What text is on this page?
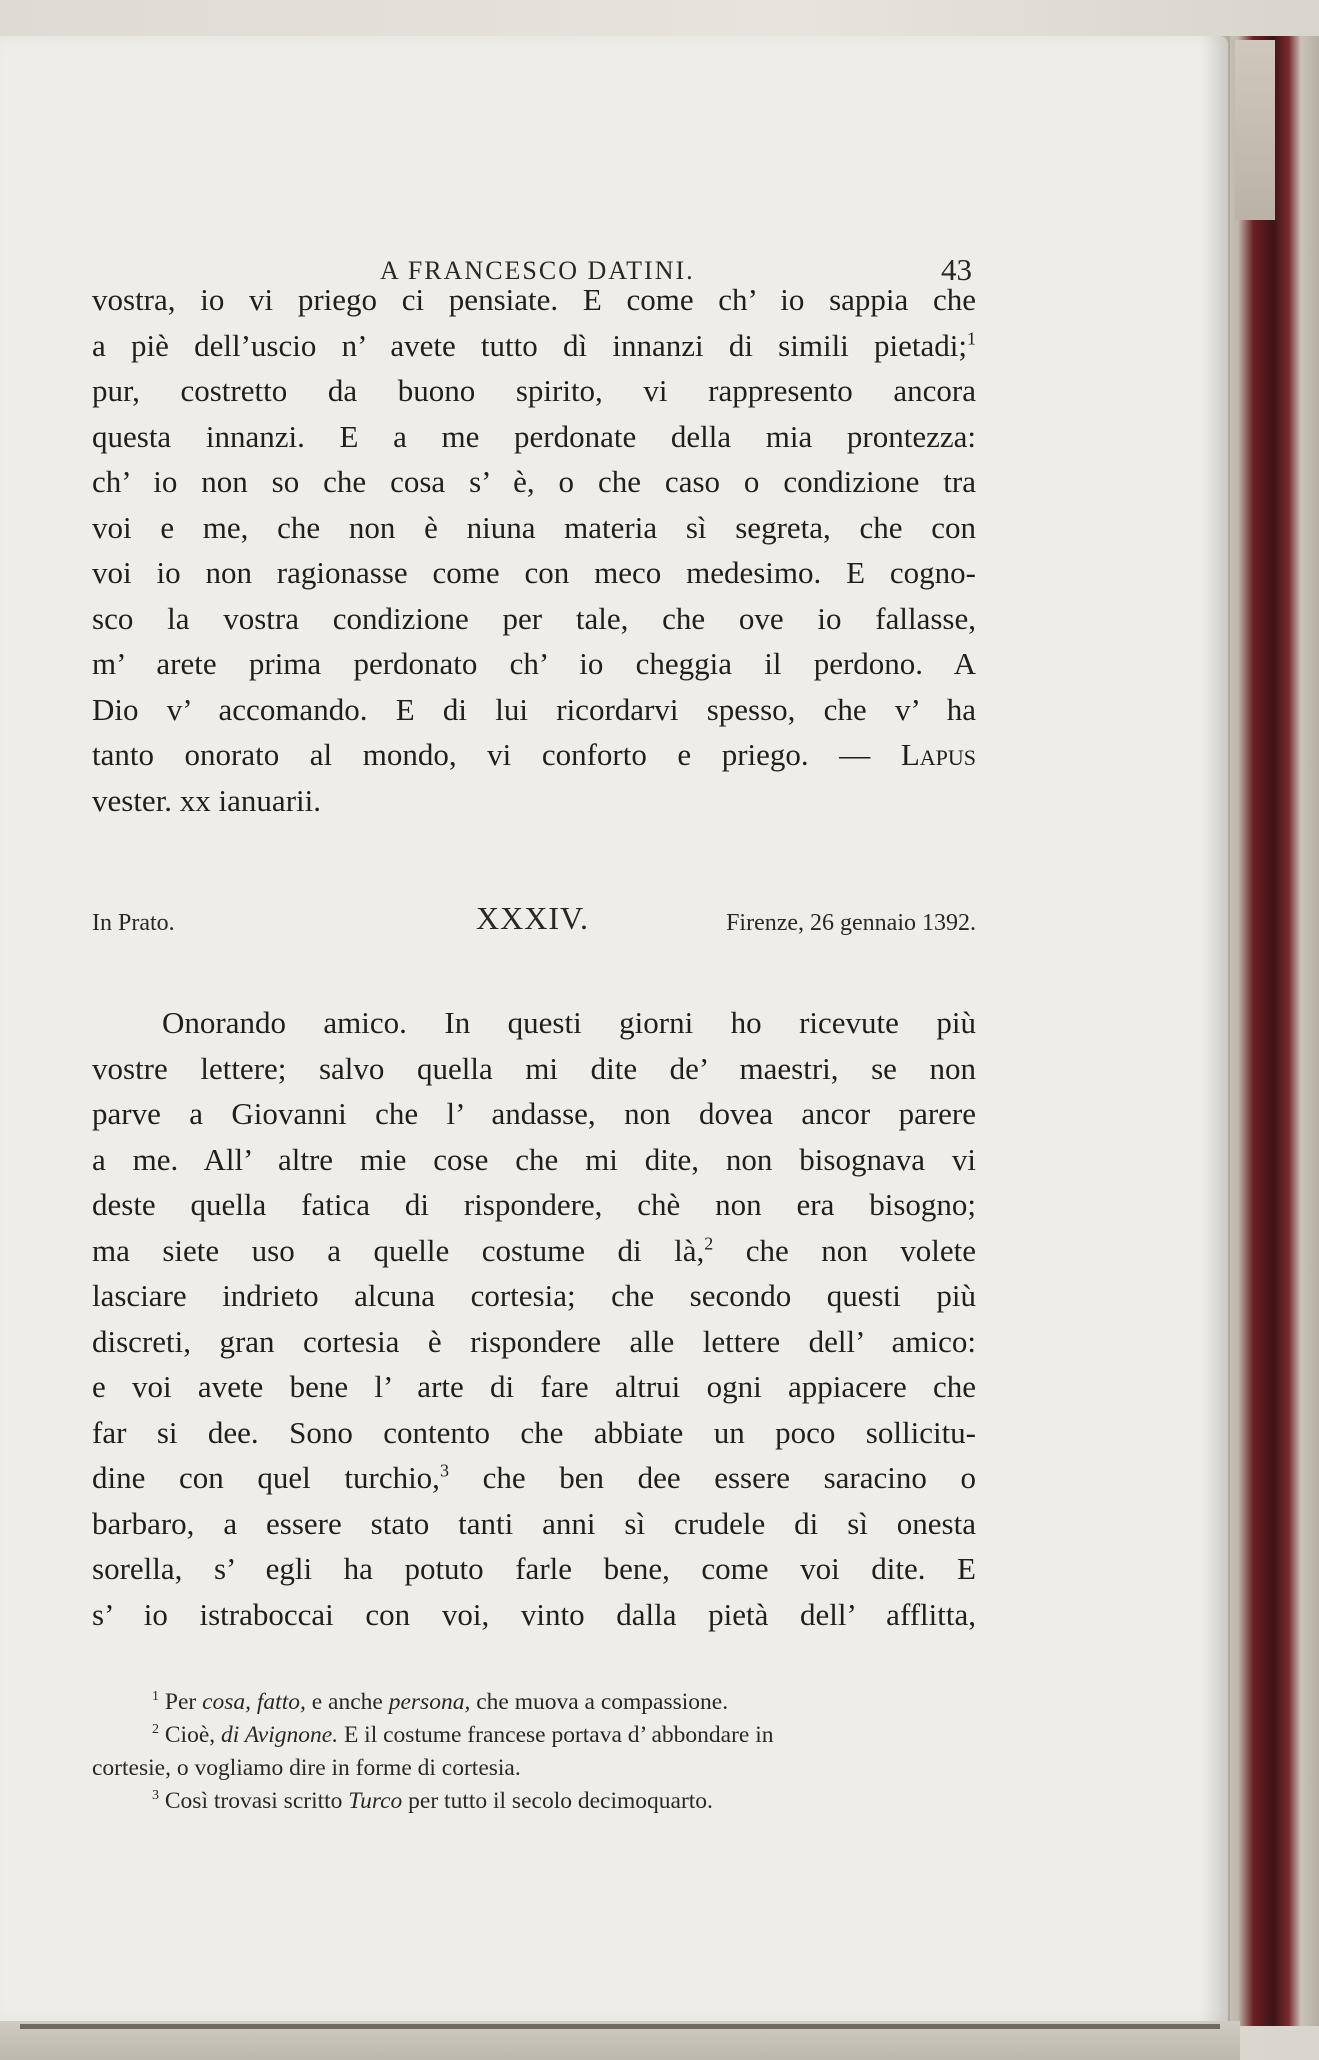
A FRANCESCO DATINI.	43
vostra, io vi priego ci pensiate. E come ch’ io sappia che
a piè dell’uscio n’ avete tutto dì innanzi di simili pietadi;$^1$
pur, costretto da buono spirito, vi rappresento ancora
questa innanzi. E a me perdonate della mia prontezza:
ch’ io non so che cosa s’ è, o che caso o condizione tra
voi e me, che non è niuna materia sì segreta, che con
voi io non ragionasse come con meco medesimo. E cogno-
sco la vostra condizione per tale, che ove io fallasse,
m’ arete prima perdonato ch’ io cheggia il perdono. A
Dio v’ accomando. E di lui ricordarvi spesso, che v’ ha
tanto onorato al mondo, vi conforto e priego. — Lapus
vester. xx ianuarii.
In Prato.	XXXIV.	Firenze, 26 gennaio 1392.
Onorando amico. In questi giorni ho ricevute più
vostre lettere; salvo quella mi dite de’ maestri, se non
parve a Giovanni che l’ andasse, non dovea ancor parere
a me. All’ altre mie cose che mi dite, non bisognava vi
deste quella fatica di rispondere, chè non era bisogno;
ma siete uso a quelle costume di là,$^2$ che non volete
lasciare indrieto alcuna cortesia; che secondo questi più
discreti, gran cortesia è rispondere alle lettere dell’ amico:
e voi avete bene l’ arte di fare altrui ogni appiacere che
far si dee. Sono contento che abbiate un poco sollicitu-
dine con quel turchio,$^3$ che ben dee essere saracino o
barbaro, a essere stato tanti anni sì crudele di sì onesta
sorella, s’ egli ha potuto farle bene, come voi dite. E
s’ io istraboccai con voi, vinto dalla pietà dell’ afflitta,
$^1$ Per cosa, fatto, e anche persona, che muova a compassione.
$^2$ Cioè, di Avignone. E il costume francese portava d’ abbondare in
cortesie, o vogliamo dire in forme di cortesia.
$^3$ Così trovasi scritto Turco per tutto il secolo decimoquarto.
